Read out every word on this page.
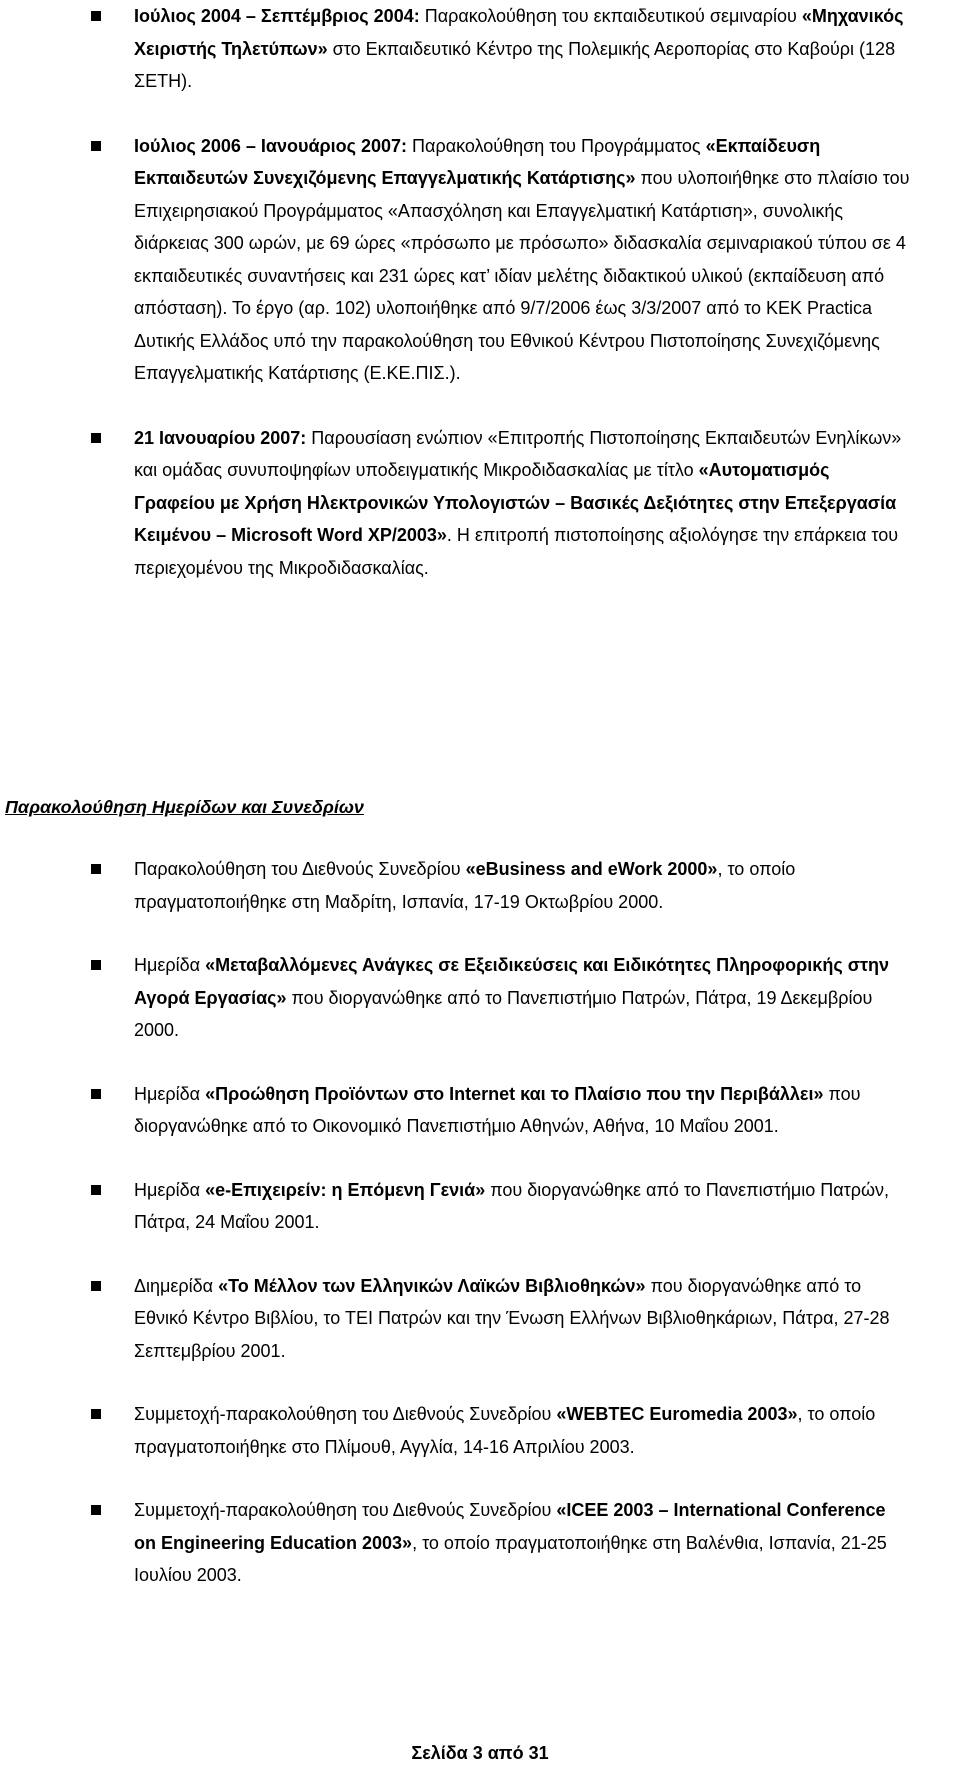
Ιούλιος 2004 – Σεπτέμβριος 2004: Παρακολούθηση του εκπαιδευτικού σεμιναρίου «Μηχανικός Χειριστής Τηλετύπων» στο Εκπαιδευτικό Κέντρο της Πολεμικής Αεροπορίας στο Καβούρι (128 ΣΕΤΗ).
Ιούλιος 2006 – Ιανουάριος 2007: Παρακολούθηση του Προγράμματος «Εκπαίδευση Εκπαιδευτών Συνεχιζόμενης Επαγγελματικής Κατάρτισης» που υλοποιήθηκε στο πλαίσιο του Επιχειρησιακού Προγράμματος «Απασχόληση και Επαγγελματική Κατάρτιση», συνολικής διάρκειας 300 ωρών, με 69 ώρες «πρόσωπο με πρόσωπο» διδασκαλία σεμιναριακού τύπου σε 4 εκπαιδευτικές συναντήσεις και 231 ώρες κατ’ ιδίαν μελέτης διδακτικού υλικού (εκπαίδευση από απόσταση). Το έργο (αρ. 102) υλοποιήθηκε από 9/7/2006 έως 3/3/2007 από το ΚΕΚ Practica Δυτικής Ελλάδος υπό την παρακολούθηση του Εθνικού Κέντρου Πιστοποίησης Συνεχιζόμενης Επαγγελματικής Κατάρτισης (Ε.ΚΕ.ΠΙΣ.).
21 Ιανουαρίου 2007: Παρουσίαση ενώπιον «Επιτροπής Πιστοποίησης Εκπαιδευτών Ενηλίκων» και ομάδας συνυποψηφίων υποδειγματικής Μικροδιδασκαλίας με τίτλο «Αυτοματισμός Γραφείου με Χρήση Ηλεκτρονικών Υπολογιστών – Βασικές Δεξιότητες στην Επεξεργασία Κειμένου – Microsoft Word XP/2003». Η επιτροπή πιστοποίησης αξιολόγησε την επάρκεια του περιεχομένου της Μικροδιδασκαλίας.
Παρακολούθηση Ημερίδων και Συνεδρίων
Παρακολούθηση του Διεθνούς Συνεδρίου «eBusiness and eWork 2000», το οποίο πραγματοποιήθηκε στη Μαδρίτη, Ισπανία, 17-19 Οκτωβρίου 2000.
Ημερίδα «Μεταβαλλόμενες Ανάγκες σε Εξειδικεύσεις και Ειδικότητες Πληροφορικής στην Αγορά Εργασίας» που διοργανώθηκε από το Πανεπιστήμιο Πατρών, Πάτρα, 19 Δεκεμβρίου 2000.
Ημερίδα «Προώθηση Προϊόντων στο Internet και το Πλαίσιο που την Περιβάλλει» που διοργανώθηκε από το Οικονομικό Πανεπιστήμιο Αθηνών, Αθήνα, 10 Μαΐου 2001.
Ημερίδα «e-Επιχειρείν: η Επόμενη Γενιά» που διοργανώθηκε από το Πανεπιστήμιο Πατρών, Πάτρα, 24 Μαΐου 2001.
Διημερίδα «Το Μέλλον των Ελληνικών Λαϊκών Βιβλιοθηκών» που διοργανώθηκε από το Εθνικό Κέντρο Βιβλίου, το ΤΕΙ Πατρών και την Ένωση Ελλήνων Βιβλιοθηκάριων, Πάτρα, 27-28 Σεπτεμβρίου 2001.
Συμμετοχή-παρακολούθηση του Διεθνούς Συνεδρίου «WEBTEC Euromedia 2003», το οποίο πραγματοποιήθηκε στο Πλίμουθ, Αγγλία, 14-16 Απριλίου 2003.
Συμμετοχή-παρακολούθηση του Διεθνούς Συνεδρίου «ICEE 2003 – International Conference on Engineering Education 2003», το οποίο πραγματοποιήθηκε στη Βαλένθια, Ισπανία, 21-25 Ιουλίου 2003.
Σελίδα 3 από 31
